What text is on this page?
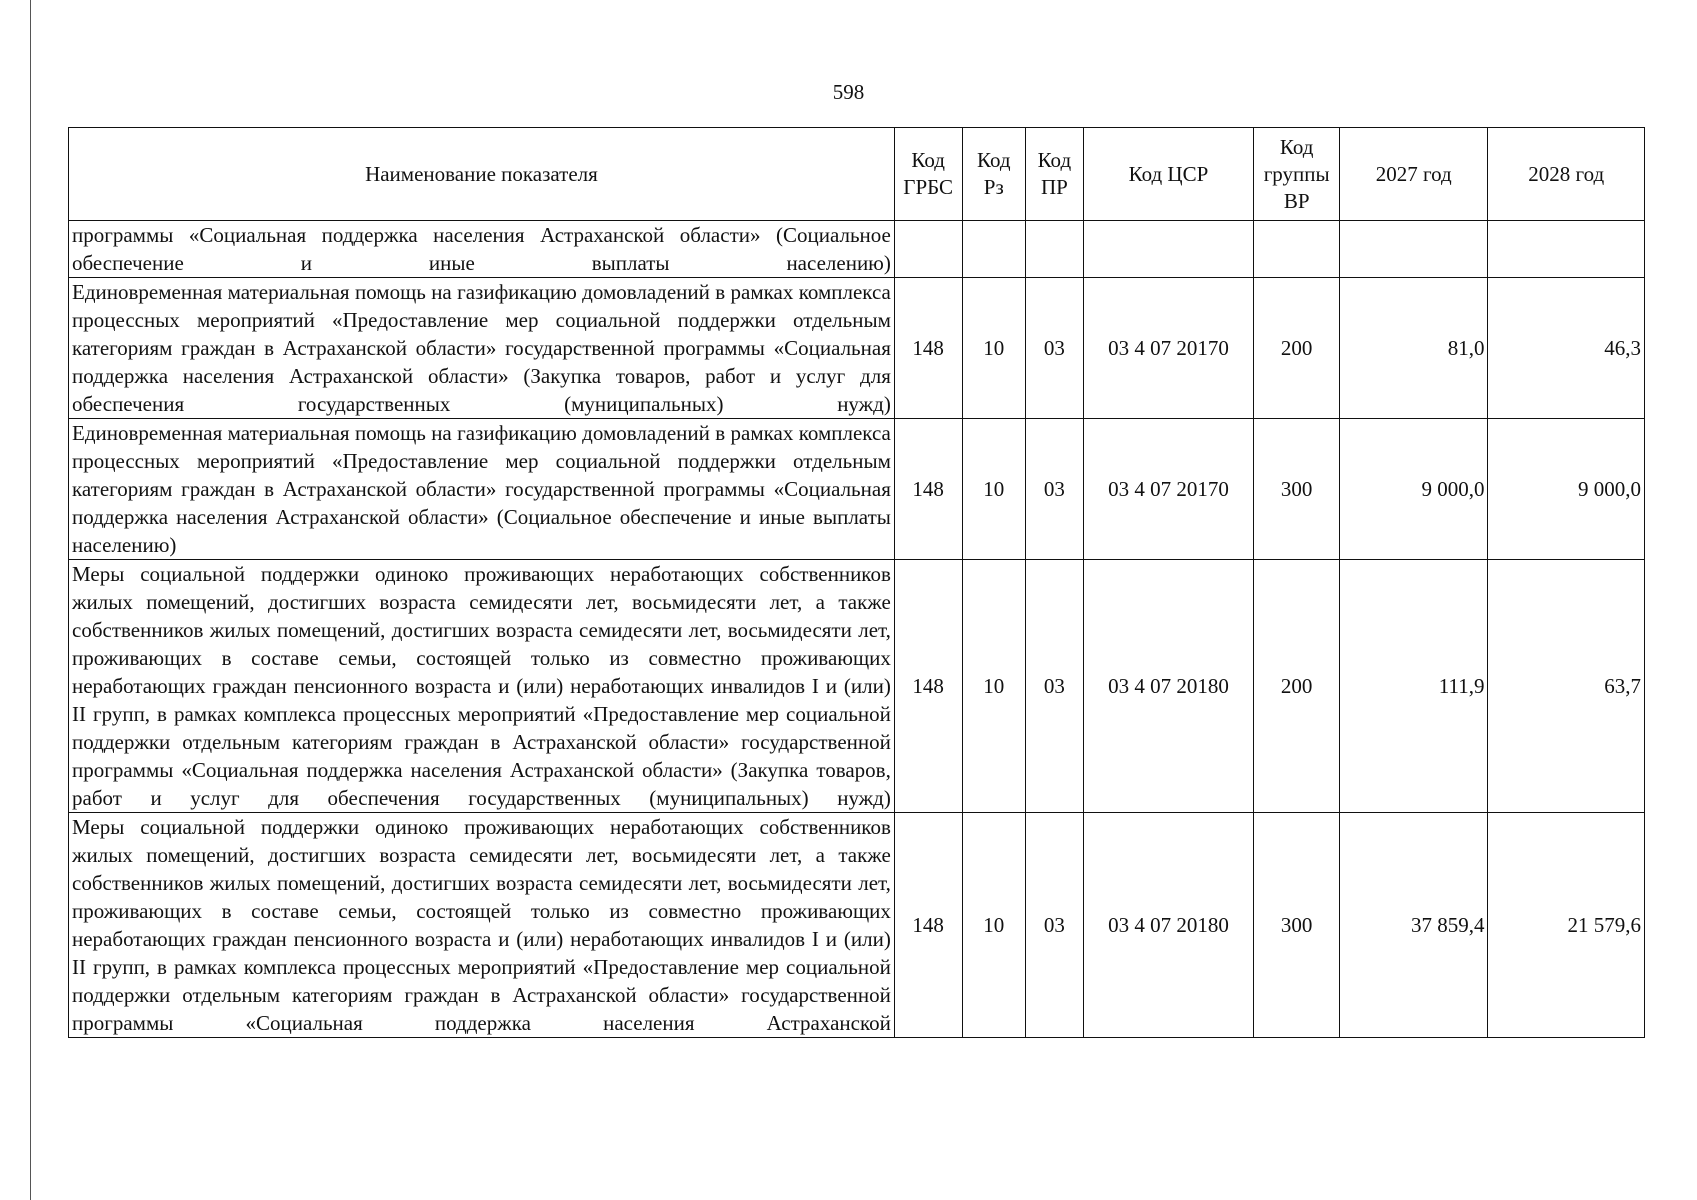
598
Наименование показателя	Код ГРБС	Код Рз	Код ПР	Код ЦСР	Код группы ВР	2027 год	2028 год
программы «Социальная поддержка населения Астраханской области» (Социальное обеспечение и иные выплаты населению)							
Единовременная материальная помощь на газификацию домовладений в рамках комплекса процессных мероприятий «Предоставление мер социальной поддержки отдельным категориям граждан в Астраханской области» государственной программы «Социальная поддержка населения Астраханской области» (Закупка товаров, работ и услуг для обеспечения государственных (муниципальных) нужд)	148	10	03	03 4 07 20170	200	81,0	46,3
Единовременная материальная помощь на газификацию домовладений в рамках комплекса процессных мероприятий «Предоставление мер социальной поддержки отдельным категориям граждан в Астраханской области» государственной программы «Социальная поддержка населения Астраханской области» (Социальное обеспечение и иные выплаты населению)	148	10	03	03 4 07 20170	300	9 000,0	9 000,0
Меры социальной поддержки одиноко проживающих неработающих собственников жилых помещений, достигших возраста семидесяти лет, восьмидесяти лет, а также собственников жилых помещений, достигших возраста семидесяти лет, восьмидесяти лет, проживающих в составе семьи, состоящей только из совместно проживающих неработающих граждан пенсионного возраста и (или) неработающих инвалидов I и (или) II групп, в рамках комплекса процессных мероприятий «Предоставление мер социальной поддержки отдельным категориям граждан в Астраханской области» государственной программы «Социальная поддержка населения Астраханской области» (Закупка товаров, работ и услуг для обеспечения государственных (муниципальных) нужд)	148	10	03	03 4 07 20180	200	111,9	63,7
Меры социальной поддержки одиноко проживающих неработающих собственников жилых помещений, достигших возраста семидесяти лет, восьмидесяти лет, а также собственников жилых помещений, достигших возраста семидесяти лет, восьмидесяти лет, проживающих в составе семьи, состоящей только из совместно проживающих неработающих граждан пенсионного возраста и (или) неработающих инвалидов I и (или) II групп, в рамках комплекса процессных мероприятий «Предоставление мер социальной поддержки отдельным категориям граждан в Астраханской области» государственной программы «Социальная поддержка населения Астраханской	148	10	03	03 4 07 20180	300	37 859,4	21 579,6
